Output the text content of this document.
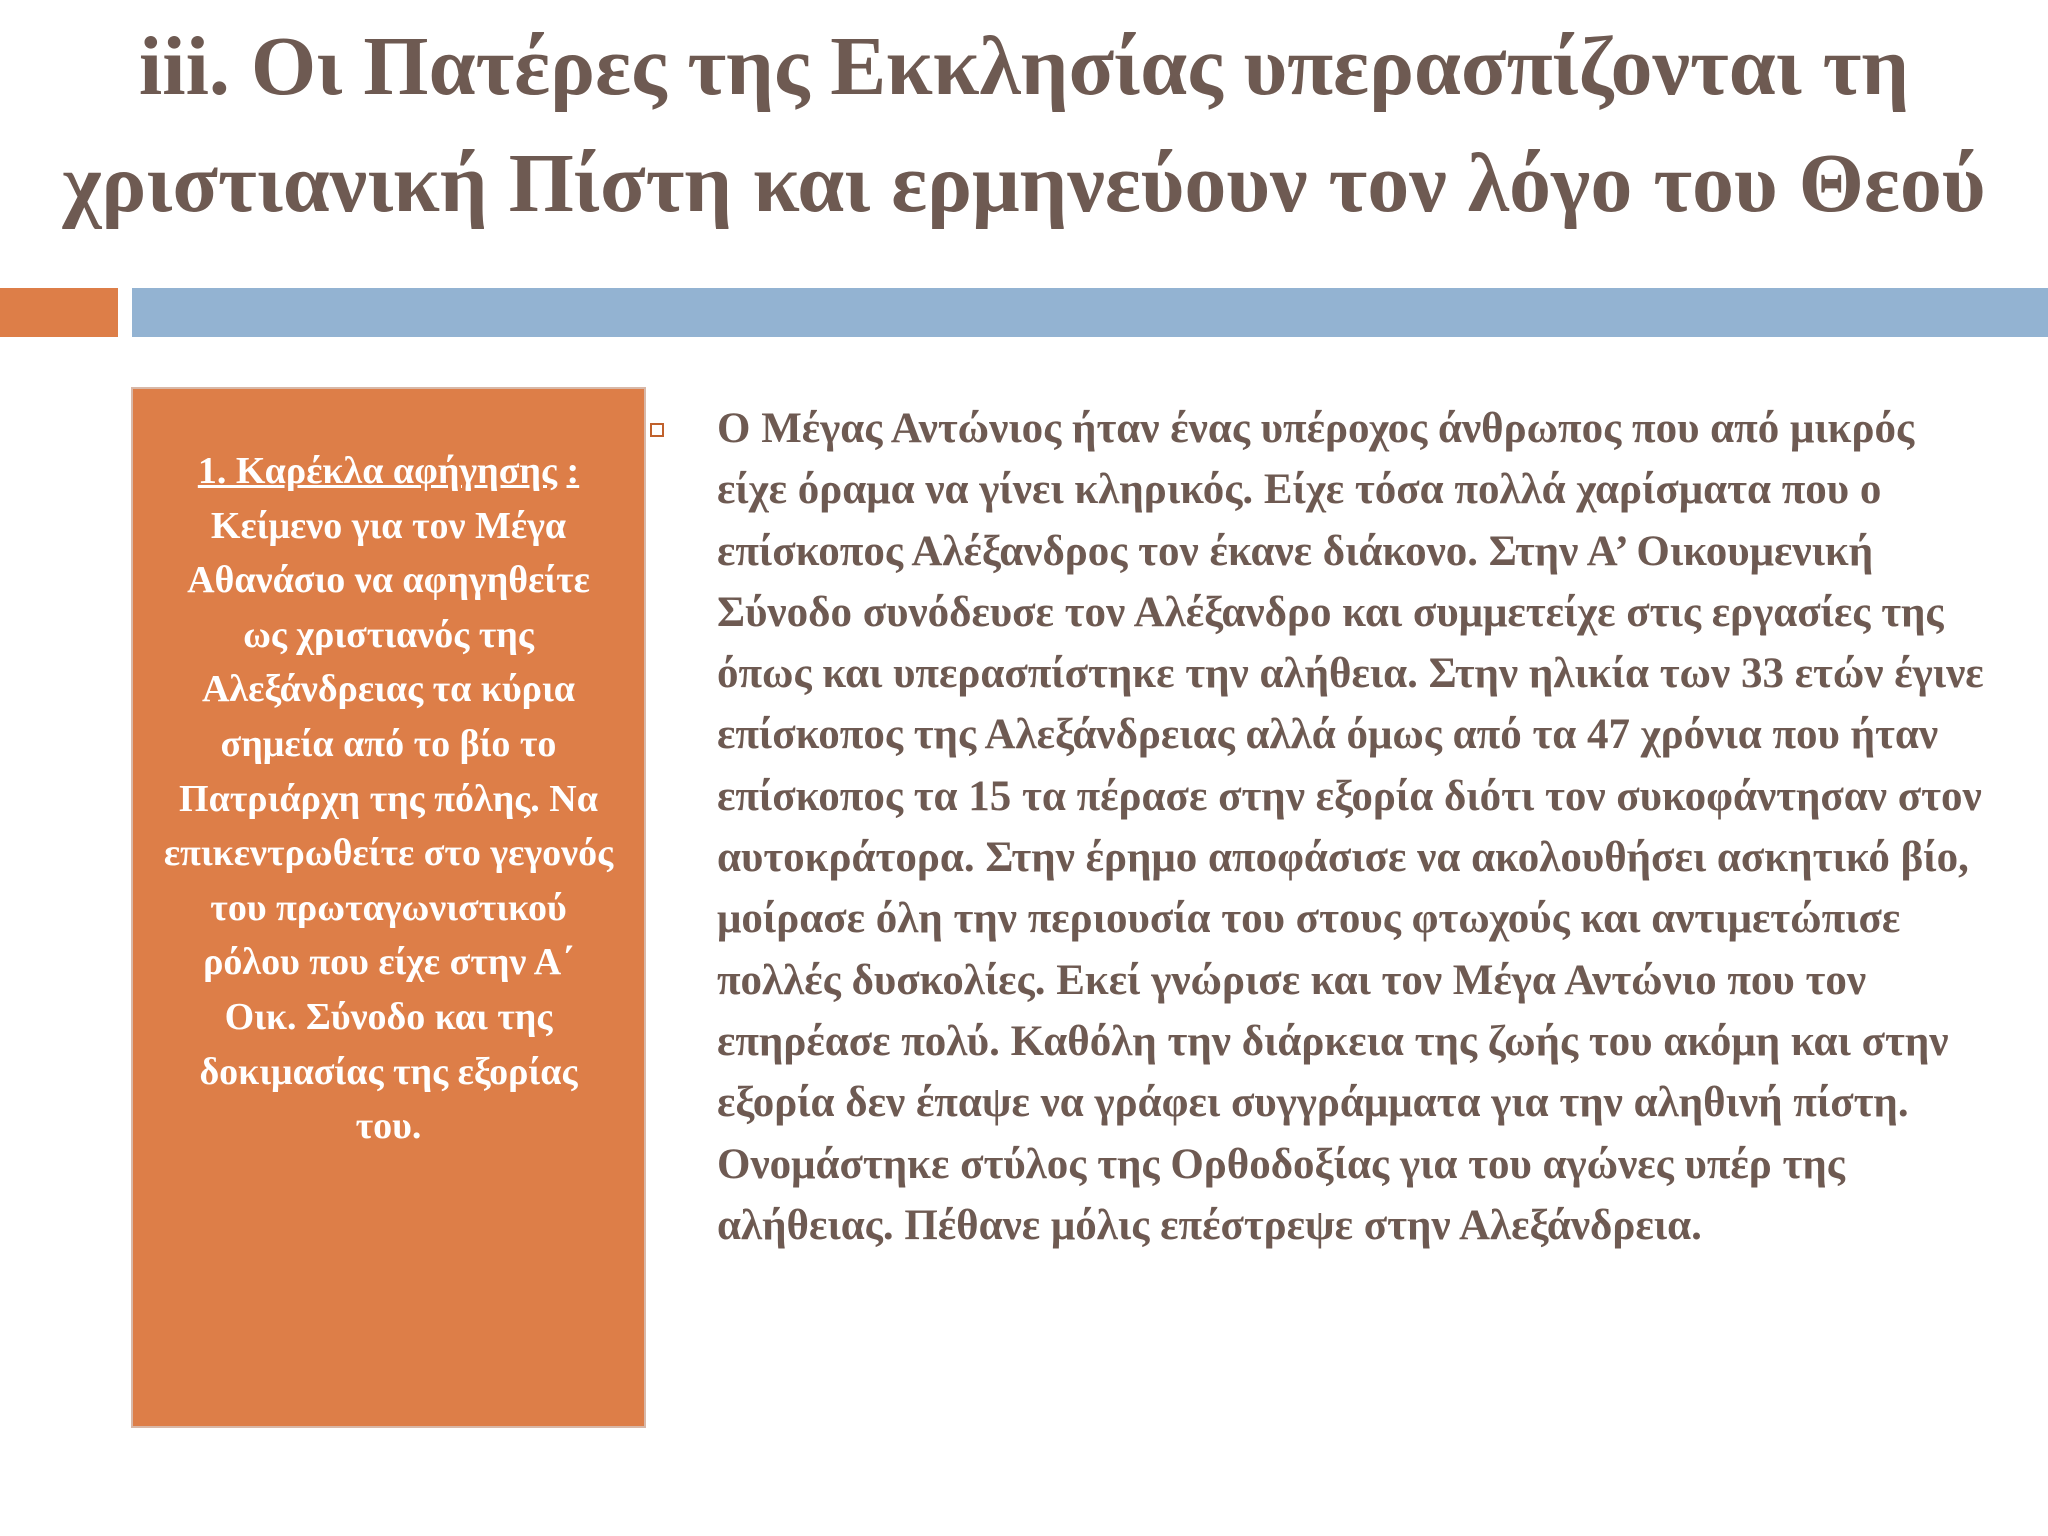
iii. Οι Πατέρες της Εκκλησίας υπερασπίζονται τη χριστιανική Πίστη και ερμηνεύουν τον λόγο του Θεού
1. Καρέκλα αφήγησης : Κείμενο για τον Μέγα Αθανάσιο να αφηγηθείτε ως χριστιανός της Αλεξάνδρειας τα κύρια σημεία από το βίο το Πατριάρχη της πόλης. Να επικεντρωθείτε στο γεγονός του πρωταγωνιστικού ρόλου που είχε στην Α΄ Οικ. Σύνοδο και της δοκιμασίας της εξορίας του.

Ο Μέγας Αντώνιος ήταν ένας υπέροχος άνθρωπος που από μικρός είχε όραμα να γίνει κληρικός. Είχε τόσα πολλά χαρίσματα που ο επίσκοπος Αλέξανδρος τον έκανε διάκονο. Στην Α’ Οικουμενική Σύνοδο συνόδευσε τον Αλέξανδρο και συμμετείχε στις εργασίες της όπως και υπερασπίστηκε την αλήθεια. Στην ηλικία των 33 ετών έγινε επίσκοπος της Αλεξάνδρειας αλλά όμως από τα 47 χρόνια που ήταν επίσκοπος τα 15 τα πέρασε στην εξορία διότι τον συκοφάντησαν στον αυτοκράτορα. Στην έρημο αποφάσισε να ακολουθήσει ασκητικό βίο, μοίρασε όλη την περιουσία του στους φτωχούς και αντιμετώπισε πολλές δυσκολίες. Εκεί γνώρισε και τον Μέγα Αντώνιο που τον επηρέασε πολύ. Καθόλη την διάρκεια της ζωής του ακόμη και στην εξορία δεν έπαψε να γράφει συγγράμματα για την αληθινή πίστη. Ονομάστηκε στύλος της Ορθοδοξίας για του αγώνες υπέρ της αλήθειας. Πέθανε μόλις επέστρεψε στην Αλεξάνδρεια.
